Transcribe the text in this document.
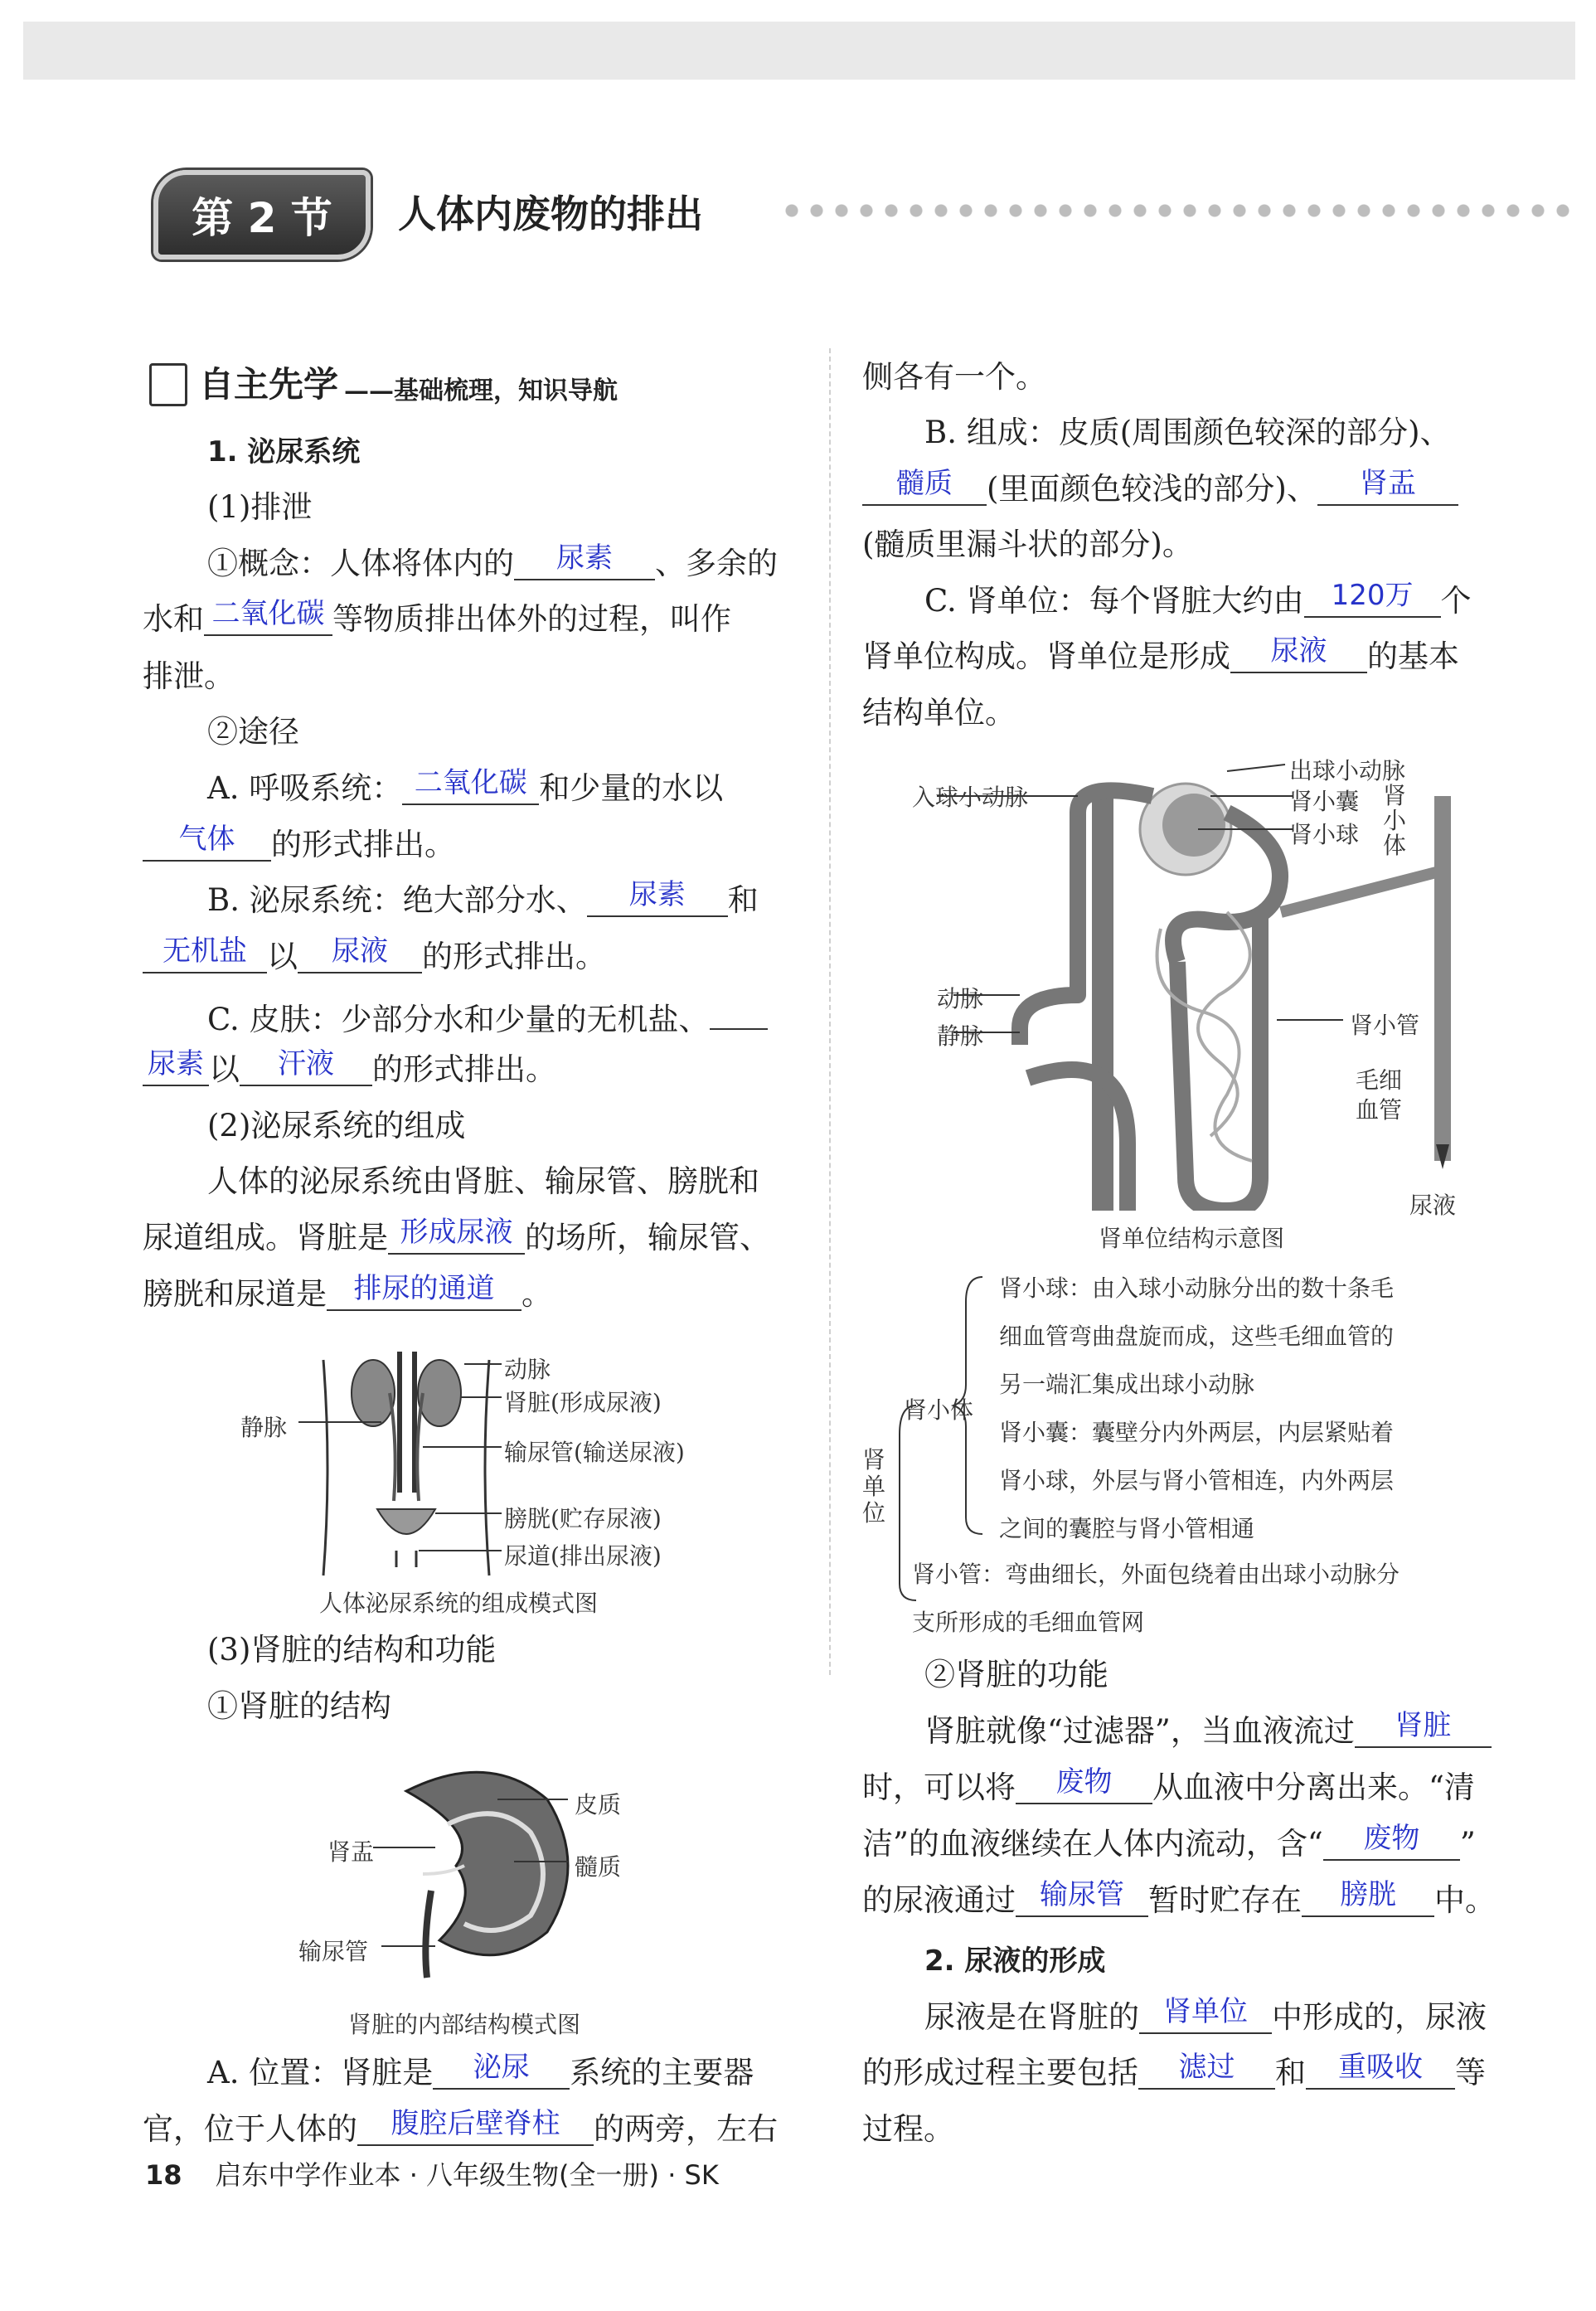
第 2 节	人体内废物的排出
自主先学 ——基础梳理，知识导航
1. 泌尿系统
(1)排泄
①概念：人体将体内的 尿素 、多余的
水和 二氧化碳 等物质排出体外的过程，叫作
排泄。
②途径
A. 呼吸系统： 二氧化碳 和少量的水以
气体 的形式排出。
B. 泌尿系统：绝大部分水、 尿素 和
无机盐 以 尿液 的形式排出。
C. 皮肤：少部分水和少量的无机盐、
尿素 以 汗液 的形式排出。
(2)泌尿系统的组成
人体的泌尿系统由肾脏、输尿管、膀胱和
尿道组成。肾脏是 形成尿液 的场所，输尿管、
膀胱和尿道是 排尿的通道 。
动脉
肾脏(形成尿液)
静脉
输尿管(输送尿液)
膀胱(贮存尿液)
尿道(排出尿液)
人体泌尿系统的组成模式图
(3)肾脏的结构和功能
①肾脏的结构
皮质
肾盂
髓质
输尿管
肾脏的内部结构模式图
A. 位置：肾脏是 泌尿 系统的主要器
官，位于人体的 腹腔后壁脊柱 的两旁，左右
侧各有一个。
B. 组成：皮质(周围颜色较深的部分)、
髓质 (里面颜色较浅的部分)、 肾盂
(髓质里漏斗状的部分)。
C. 肾单位：每个肾脏大约由 120万 个
肾单位构成。肾单位是形成 尿液 的基本
结构单位。
入球小动脉
出球小动脉
肾小囊
肾小球
肾
小
体
动脉
静脉	肾小管
毛细
血管
尿液
肾单位结构示意图
肾
单
位
肾小体
肾小球：由入球小动脉分出的数十条毛
细血管弯曲盘旋而成，这些毛细血管的
另一端汇集成出球小动脉
肾小囊：囊壁分内外两层，内层紧贴着
肾小球，外层与肾小管相连，内外两层
之间的囊腔与肾小管相通
肾小管：弯曲细长，外面包绕着由出球小动脉分
支所形成的毛细血管网
②肾脏的功能
肾脏就像“过滤器”，当血液流过 肾脏
时，可以将 废物 从血液中分离出来。“清
洁”的血液继续在人体内流动，含“ 废物 ”
的尿液通过 输尿管 暂时贮存在 膀胱 中。
2. 尿液的形成
尿液是在肾脏的 肾单位 中形成的，尿液
的形成过程主要包括 滤过 和 重吸收 等
过程。
18 启东中学作业本 · 八年级生物(全一册) · SK
